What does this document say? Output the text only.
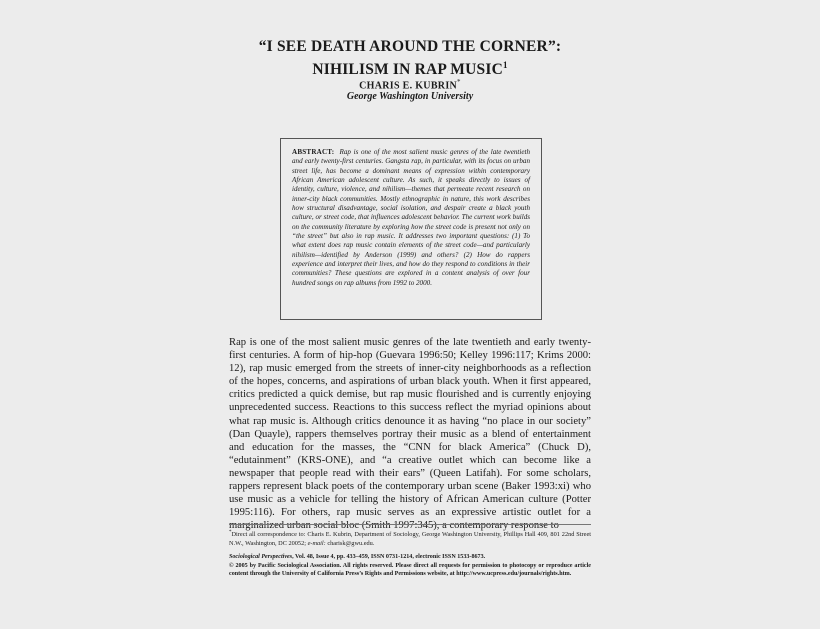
“I SEE DEATH AROUND THE CORNER”:
NIHILISM IN RAP MUSIC$^1$
CHARIS E. KUBRIN*
George Washington University

ABSTRACT: Rap is one of the most salient music genres of the late twentieth and early twenty-first centuries. Gangsta rap, in particular, with its focus on urban street life, has become a dominant means of expression within contemporary African American adolescent culture. As such, it speaks directly to issues of identity, culture, violence, and nihilism—themes that permeate recent research on inner-city black communities. Mostly ethnographic in nature, this work describes how structural disadvantage, social isolation, and despair create a black youth culture, or street code, that influences adolescent behavior. The current work builds on the community literature by exploring how the street code is present not only on “the street” but also in rap music. It addresses two important questions: (1) To what extent does rap music contain elements of the street code—and particularly nihilism—identified by Anderson (1999) and others? (2) How do rappers experience and interpret their lives, and how do they respond to conditions in their communities? These questions are explored in a content analysis of over four hundred songs on rap albums from 1992 to 2000.

Rap is one of the most salient music genres of the late twentieth and early twenty-first centuries. A form of hip-hop (Guevara 1996:50; Kelley 1996:117; Krims 2000: 12), rap music emerged from the streets of inner-city neighborhoods as a reflection of the hopes, concerns, and aspirations of urban black youth. When it first appeared, critics predicted a quick demise, but rap music flourished and is currently enjoying unprecedented success. Reactions to this success reflect the myriad opinions about what rap music is. Although critics denounce it as having “no place in our society” (Dan Quayle), rappers themselves portray their music as a blend of entertainment and education for the masses, the “CNN for black America” (Chuck D), “edutainment” (KRS-ONE), and “a creative outlet which can become like a newspaper that people read with their ears” (Queen Latifah). For some scholars, rappers represent black poets of the contemporary urban scene (Baker 1993:xi) who use music as a vehicle for telling the history of African American culture (Potter 1995:116). For others, rap music serves as an expressive artistic outlet for a marginalized urban social bloc (Smith 1997:345), a contemporary response to

*Direct all correspondence to: Charis E. Kubrin, Department of Sociology, George Washington University, Phillips Hall 409, 801 22nd Street N.W., Washington, DC 20052; e-mail: charisk@gwu.edu.

Sociological Perspectives, Vol. 48, Issue 4, pp. 433–459, ISSN 0731-1214, electronic ISSN 1533-8673.
© 2005 by Pacific Sociological Association. All rights reserved. Please direct all requests for permission to photocopy or reproduce article content through the University of California Press’s Rights and Permissions website, at http://www.ucpress.edu/journals/rights.htm.
